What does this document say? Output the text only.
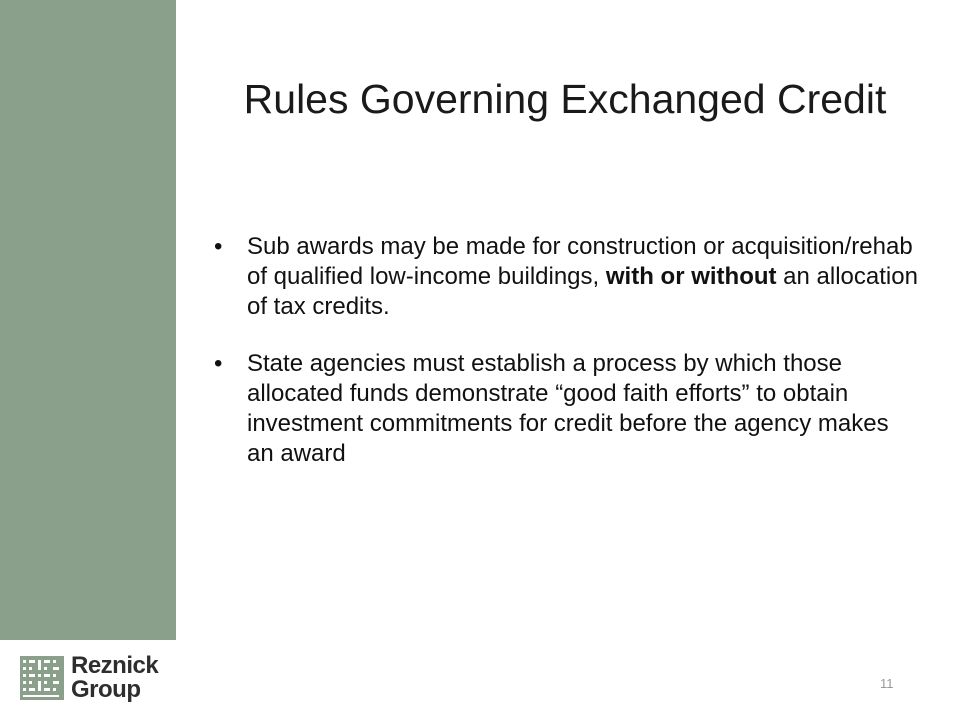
Rules Governing Exchanged Credit
• Sub awards may be made for construction or acquisition/rehab of qualified low-income buildings, with or without an allocation of tax credits.
• State agencies must establish a process by which those allocated funds demonstrate “good faith efforts” to obtain investment commitments for credit before the agency makes an award
Reznick
Group	11
